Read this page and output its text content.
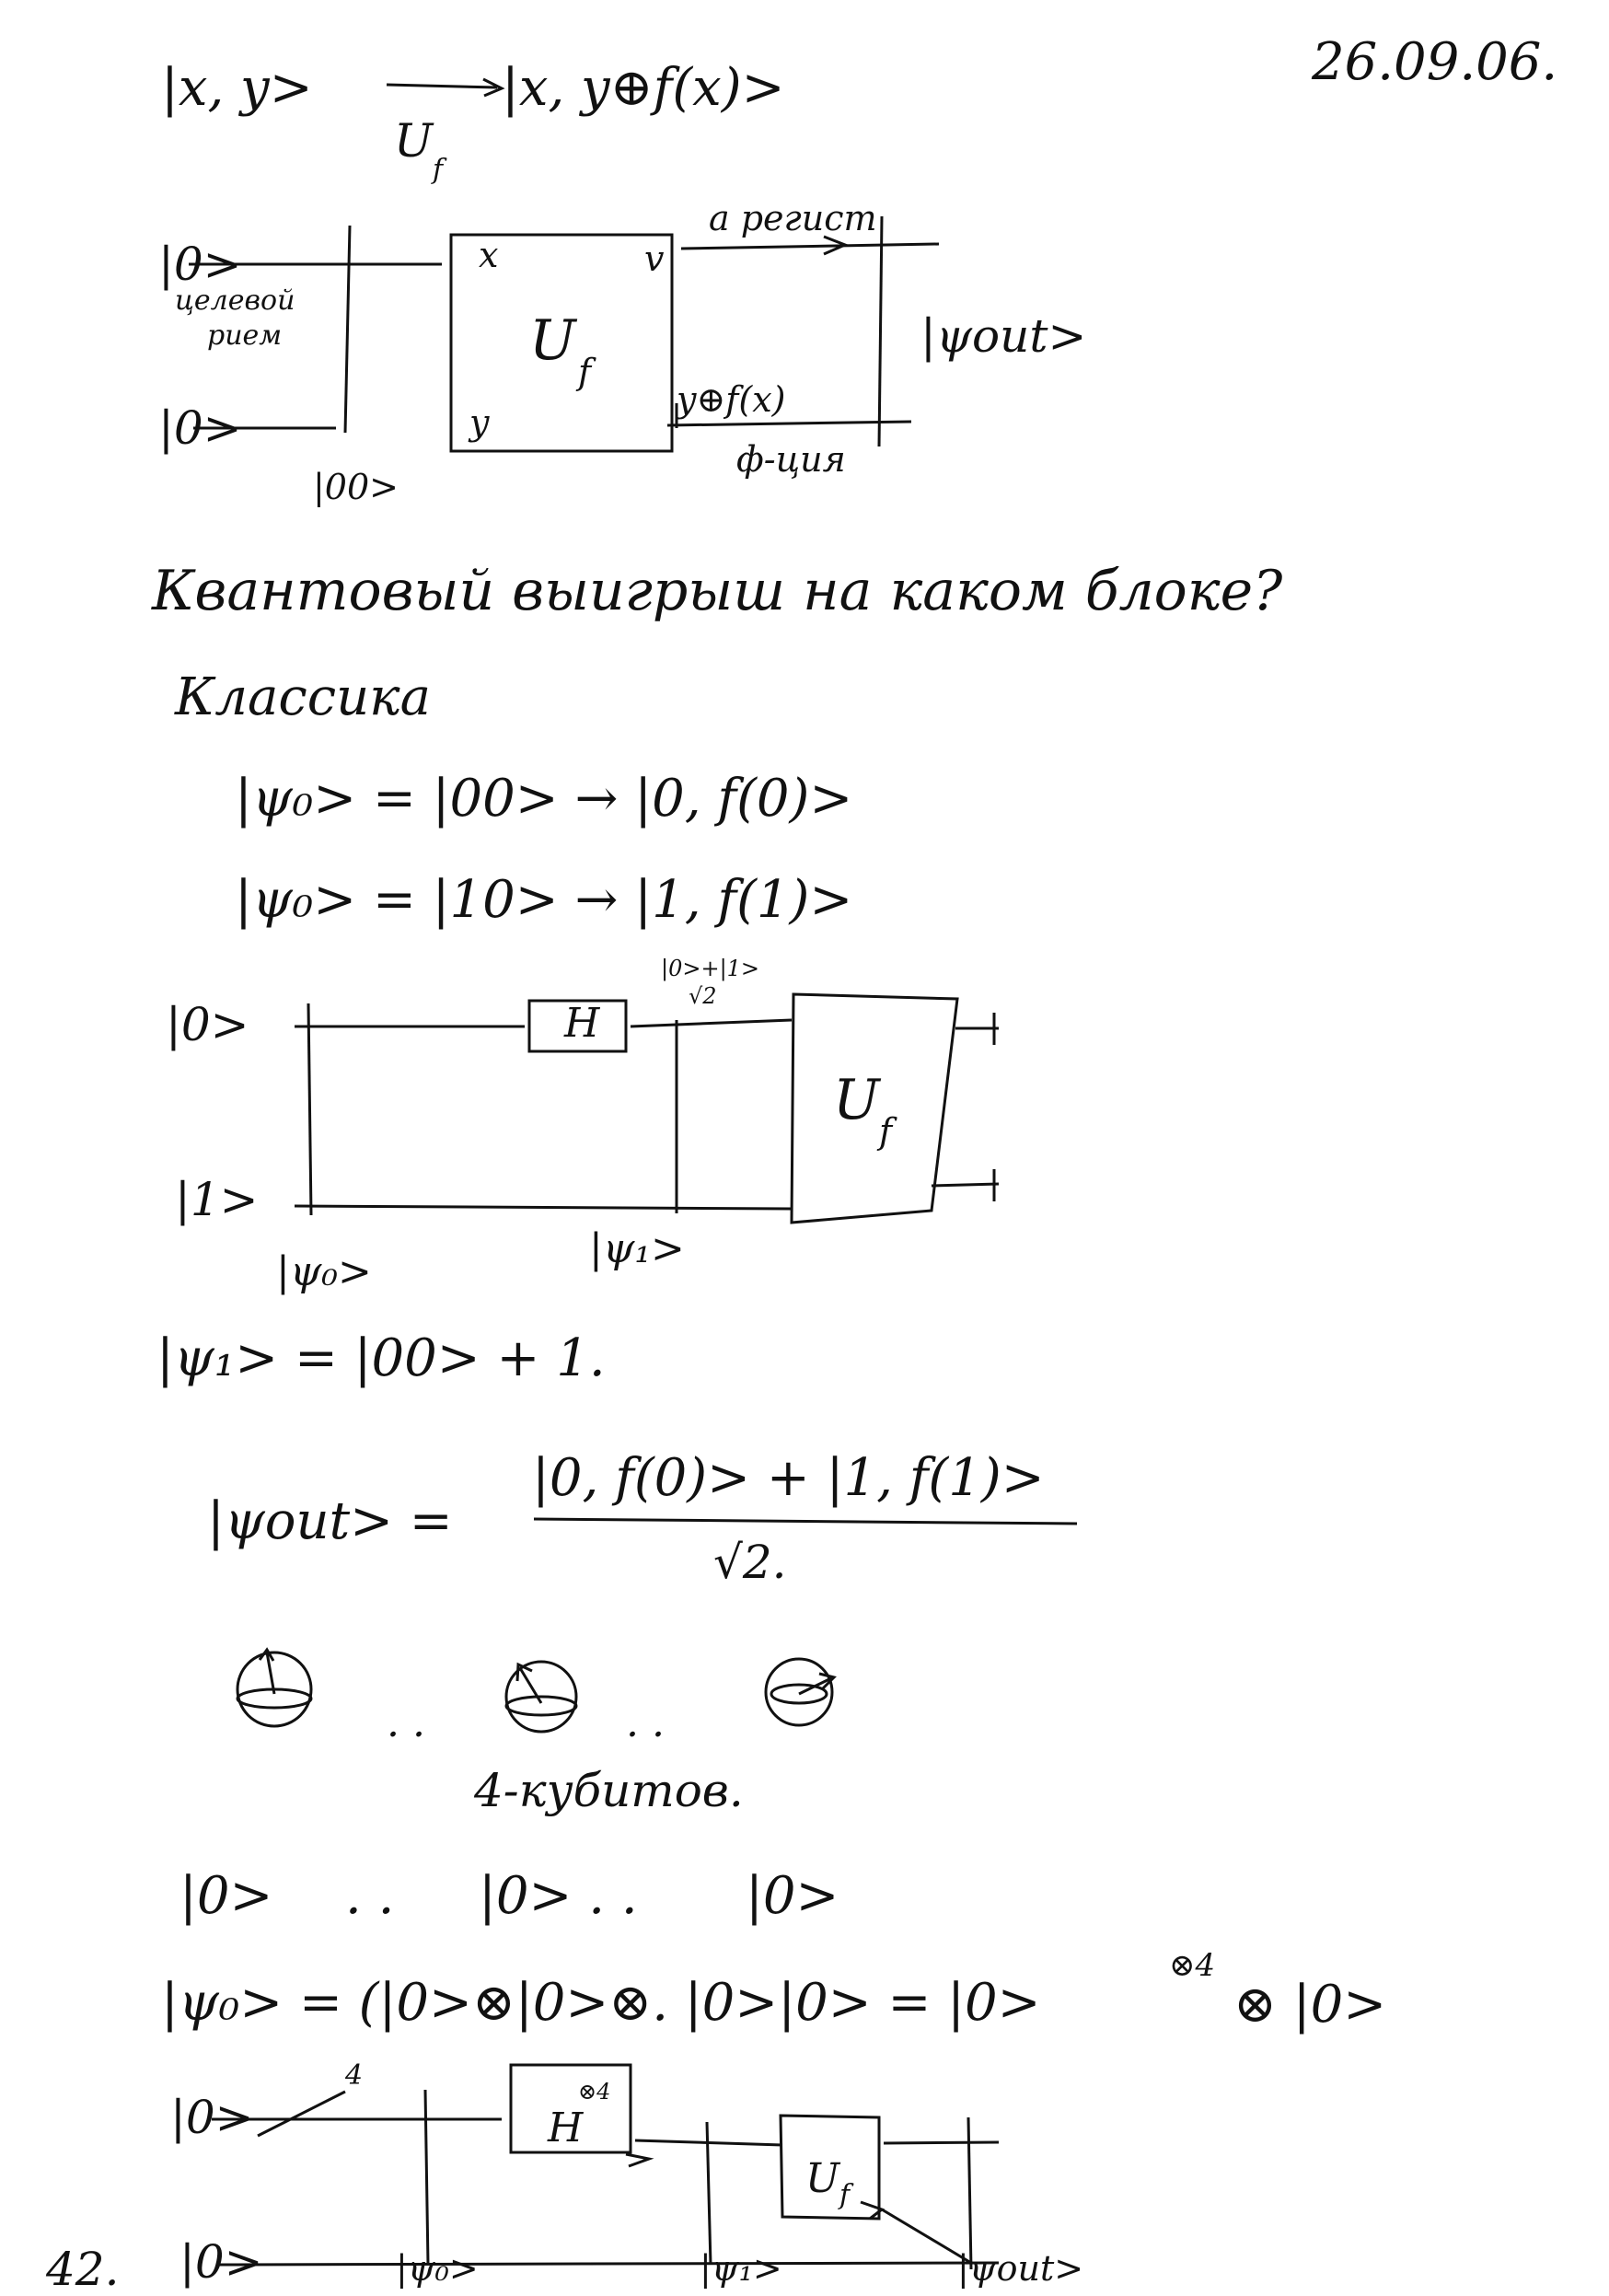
26.09.06.
|x, y>	|x, y⊕f(x)>
U
f
|0>
целевой
рием
|0>
x	v
y
U f
a регист
y⊕f(x)
ф-ция
|ψout>
|00>
Квантовый выигрыш на каком блоке?
Классика
|ψ₀> = |00> → |0, f(0)>
|ψ₀> = |10> → |1, f(1)>
|0>
|1>
H
|0>+|1>
√2
U f
|ψ₀>	|ψ₁>
|ψ₁> = |00> + 1.
|ψout> =
|0, f(0)> + |1, f(1)>
√2.
. .	. .
4-кубитов.
|0> . . |0> . . |0>
|ψ₀> = (|0>⊗|0>⊗. |0>|0> = |0>
⊗4
⊗ |0>
|0>
4
H
⊗4
U f
|0>	|ψ₀>	|ψ₁>	|ψout>
42.
